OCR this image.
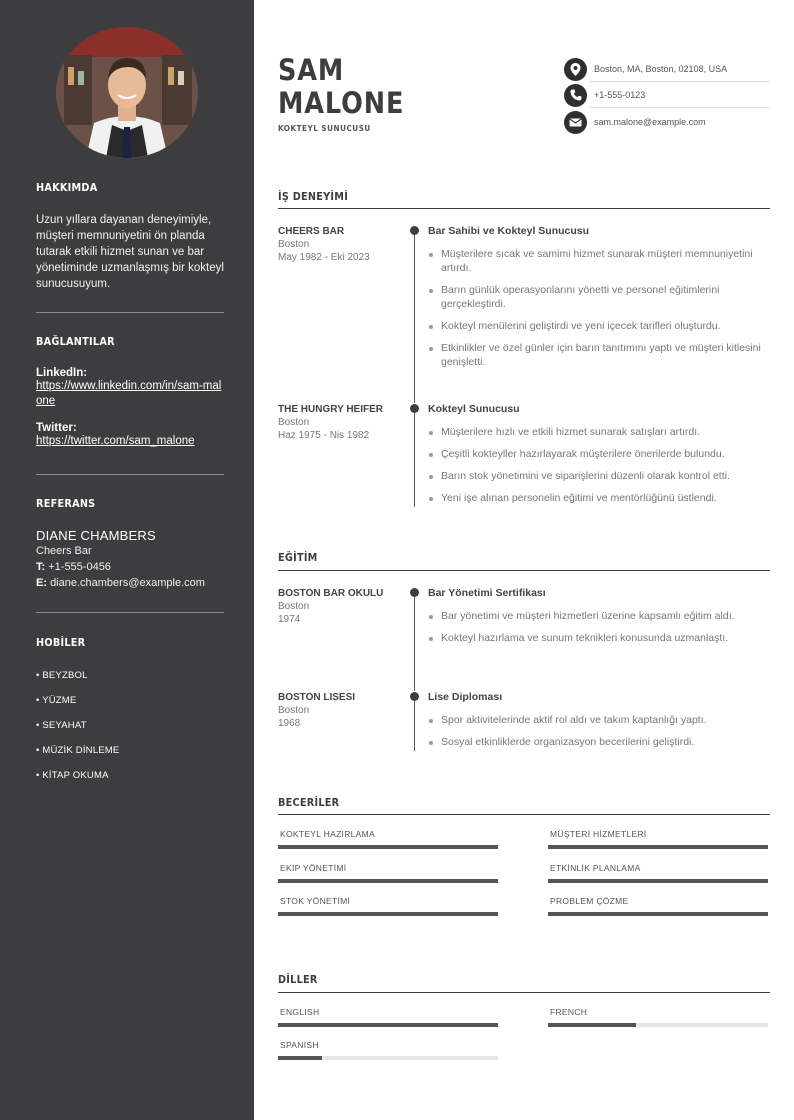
HAKKIMDA
Uzun yıllara dayanan deneyimiyle, müşteri memnuniyetini ön planda tutarak etkili hizmet sunan ve bar yönetiminde uzmanlaşmış bir kokteyl sunucusuyum.
BAĞLANTILAR
LinkedIn:
https://www.linkedin.com/in/sam-malone
Twitter:
https://twitter.com/sam_malone
REFERANS
DIANE CHAMBERS
Cheers Bar
T: +1-555-0456
E: diane.chambers@example.com
HOBİLER
• BEYZBOL
• YÜZME
• SEYAHAT
• MÜZİK DİNLEME
• KİTAP OKUMA
SAM
MALONE
KOKTEYL SUNUCUSU
Boston, MA, Boston, 02108, USA
+1-555-0123
sam.malone@example.com
İŞ DENEYİMİ
CHEERS BAR
Boston
May 1982 - Eki 2023
Bar Sahibi ve Kokteyl Sunucusu
Müşterilere sıcak ve samimi hizmet sunarak müşteri memnuniyetini artırdı.
Barın günlük operasyonlarını yönetti ve personel eğitimlerini gerçekleştirdi.
Kokteyl menülerini geliştirdi ve yeni içecek tarifleri oluşturdu.
Etkinlikler ve özel günler için barın tanıtımını yaptı ve müşteri kitlesini genişletti.
THE HUNGRY HEIFER
Boston
Haz 1975 - Nis 1982
Kokteyl Sunucusu
Müşterilere hızlı ve etkili hizmet sunarak satışları artırdı.
Çeşitli kokteyller hazırlayarak müşterilere önerilerde bulundu.
Barın stok yönetimini ve siparişlerini düzenli olarak kontrol etti.
Yeni işe alınan personelin eğitimi ve mentörlüğünü üstlendi.
EĞİTİM
BOSTON BAR OKULU
Boston
1974
Bar Yönetimi Sertifikası
Bar yönetimi ve müşteri hizmetleri üzerine kapsamlı eğitim aldı.
Kokteyl hazırlama ve sunum teknikleri konusunda uzmanlaştı.
BOSTON LISESI
Boston
1968
Lise Diploması
Spor aktivitelerinde aktif rol aldı ve takım kaptanlığı yaptı.
Sosyal etkinliklerde organizasyon becerilerini geliştirdi.
BECERİLER
KOKTEYL HAZIRLAMA	MÜŞTERİ HİZMETLERİ
EKİP YÖNETİMİ	ETKİNLİK PLANLAMA
STOK YÖNETİMİ	PROBLEM ÇÖZME
DİLLER
ENGLISH	FRENCH
SPANISH
